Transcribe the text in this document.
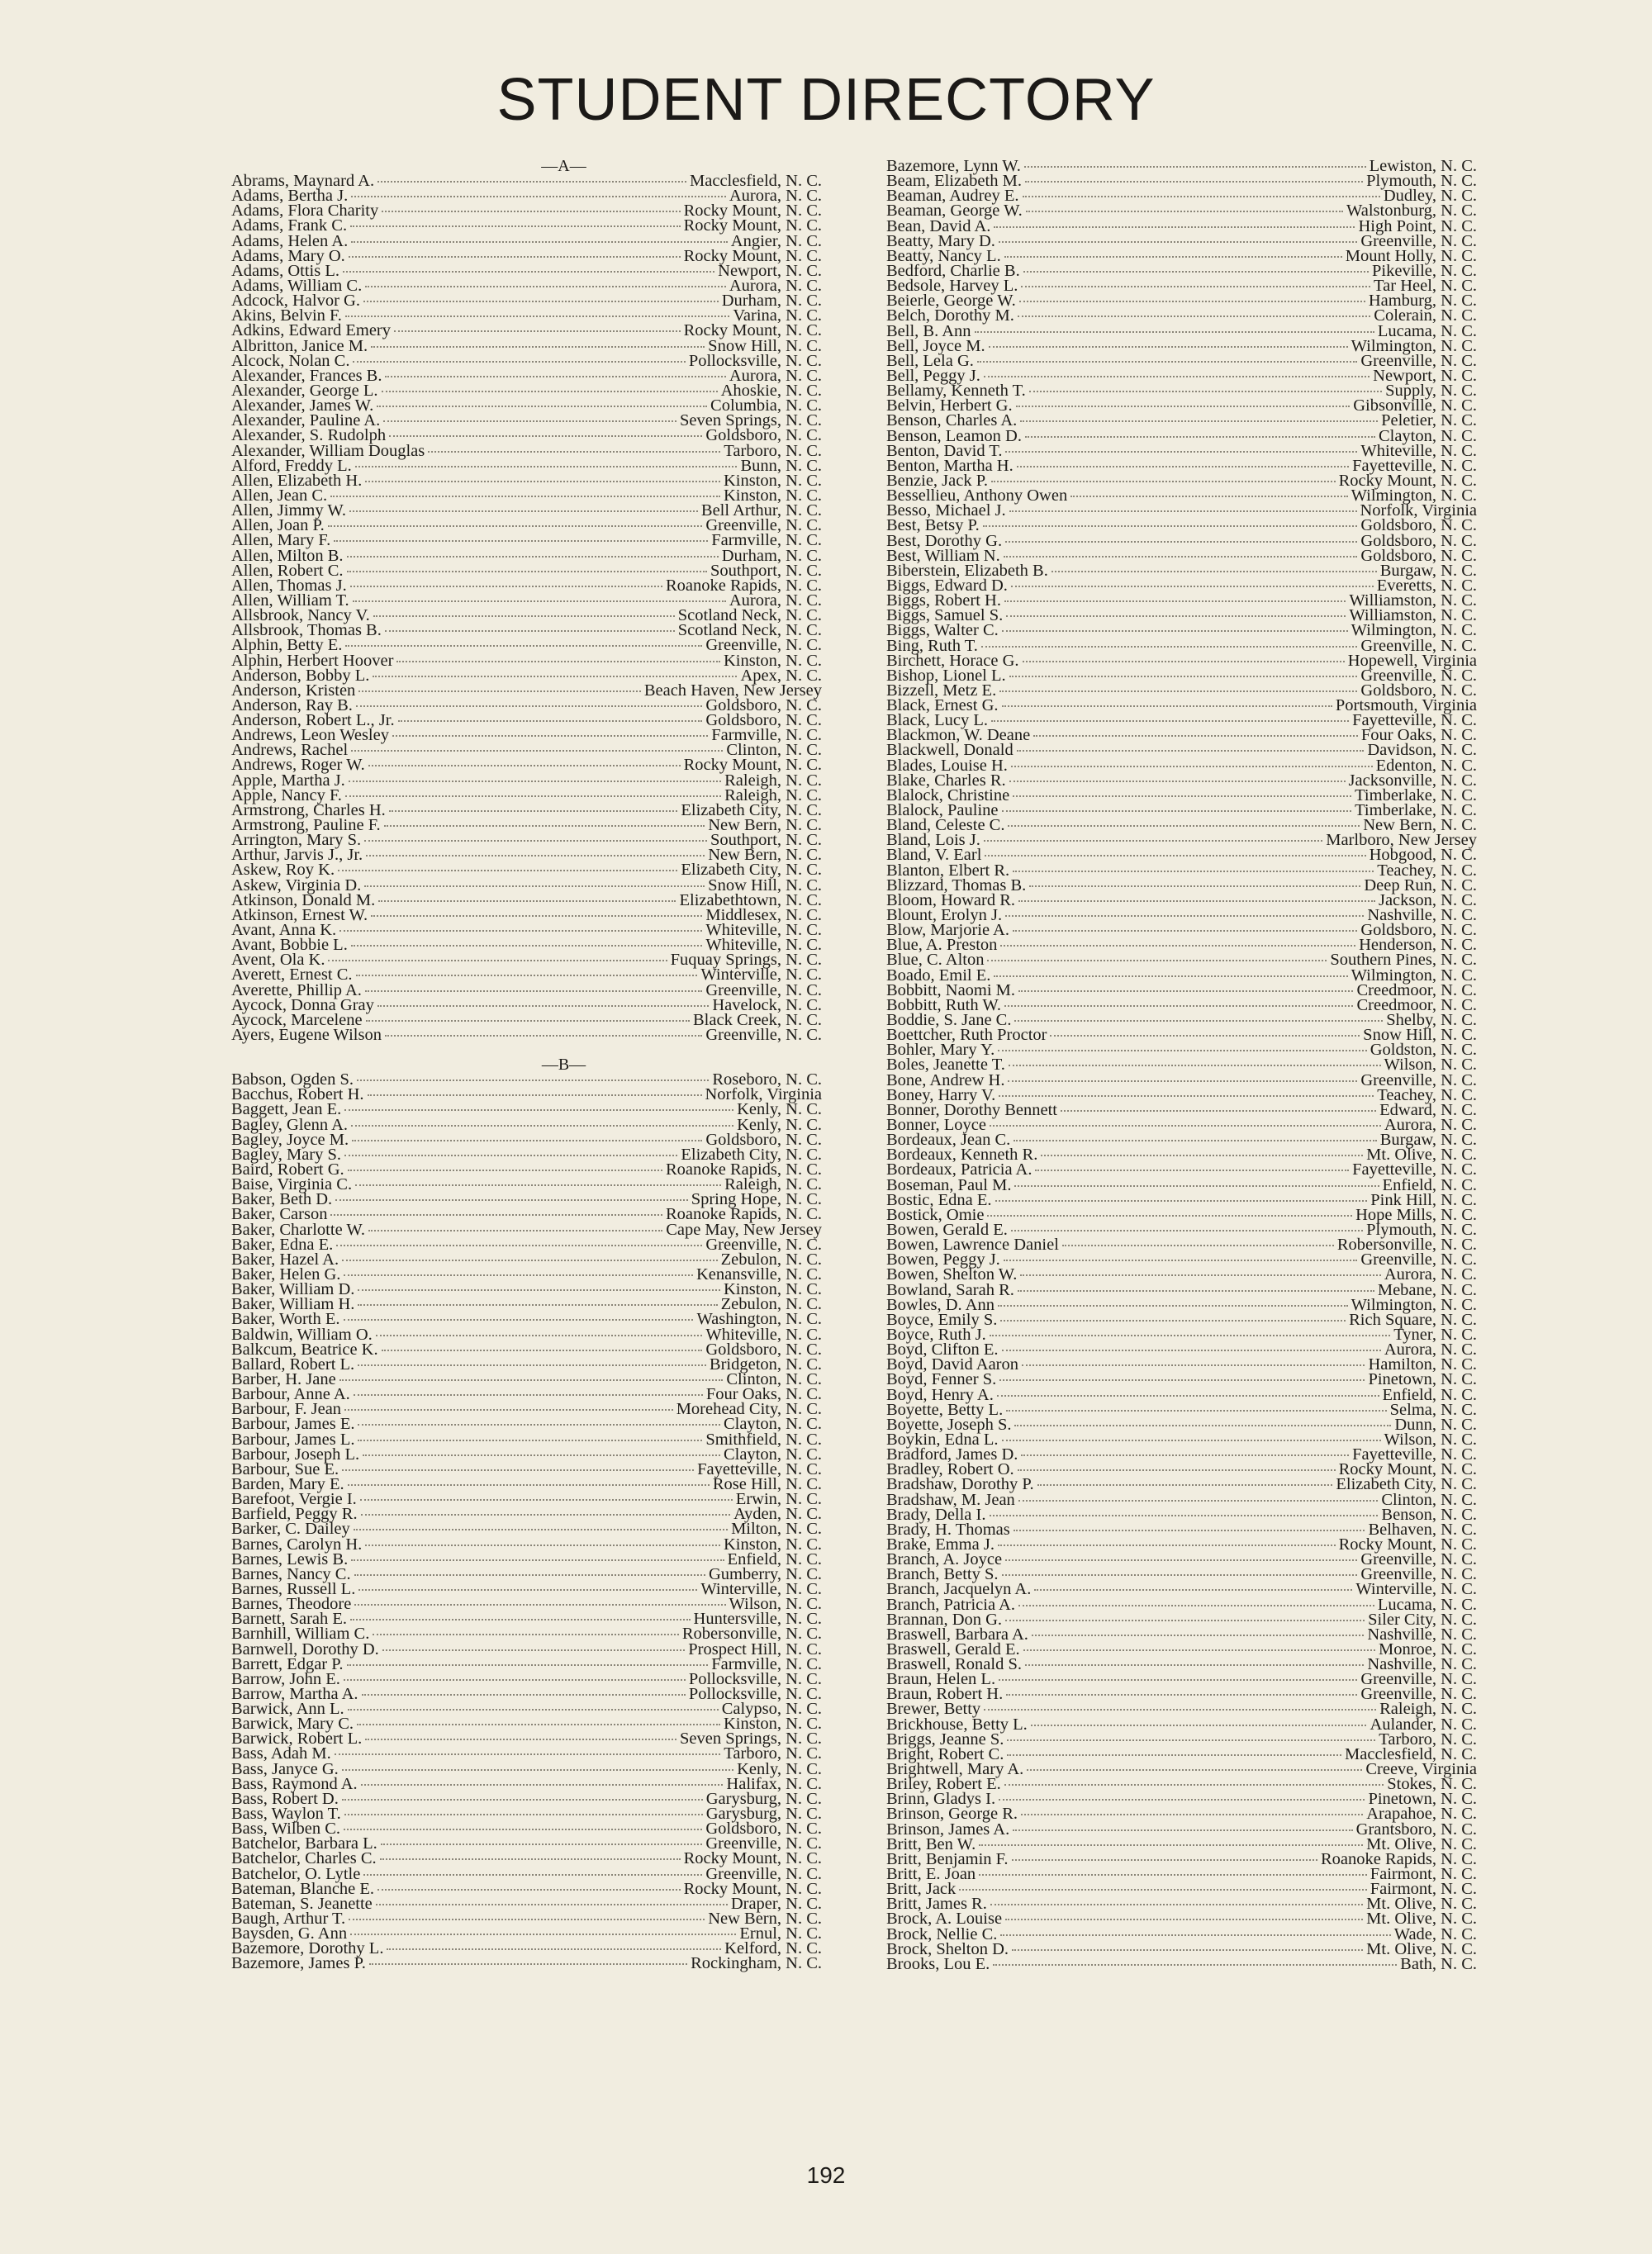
STUDENT DIRECTORY
—A—
Abrams, Maynard A.	Macclesfield, N. C.
Adams, Bertha J.	Aurora, N. C.
Adams, Flora Charity	Rocky Mount, N. C.
Adams, Frank C.	Rocky Mount, N. C.
Adams, Helen A.	Angier, N. C.
Adams, Mary O.	Rocky Mount, N. C.
Adams, Ottis L.	Newport, N. C.
Adams, William C.	Aurora, N. C.
Adcock, Halvor G.	Durham, N. C.
Akins, Belvin F.	Varina, N. C.
Adkins, Edward Emery	Rocky Mount, N. C.
Albritton, Janice M.	Snow Hill, N. C.
Alcock, Nolan C.	Pollocksville, N. C.
Alexander, Frances B.	Aurora, N. C.
Alexander, George L.	Ahoskie, N. C.
Alexander, James W.	Columbia, N. C.
Alexander, Pauline A.	Seven Springs, N. C.
Alexander, S. Rudolph	Goldsboro, N. C.
Alexander, William Douglas	Tarboro, N. C.
Alford, Freddy L.	Bunn, N. C.
Allen, Elizabeth H.	Kinston, N. C.
Allen, Jean C.	Kinston, N. C.
Allen, Jimmy W.	Bell Arthur, N. C.
Allen, Joan P.	Greenville, N. C.
Allen, Mary F.	Farmville, N. C.
Allen, Milton B.	Durham, N. C.
Allen, Robert C.	Southport, N. C.
Allen, Thomas J.	Roanoke Rapids, N. C.
Allen, William T.	Aurora, N. C.
Allsbrook, Nancy V.	Scotland Neck, N. C.
Allsbrook, Thomas B.	Scotland Neck, N. C.
Alphin, Betty E.	Greenville, N. C.
Alphin, Herbert Hoover	Kinston, N. C.
Anderson, Bobby L.	Apex, N. C.
Anderson, Kristen	Beach Haven, New Jersey
Anderson, Ray B.	Goldsboro, N. C.
Anderson, Robert L., Jr.	Goldsboro, N. C.
Andrews, Leon Wesley	Farmville, N. C.
Andrews, Rachel	Clinton, N. C.
Andrews, Roger W.	Rocky Mount, N. C.
Apple, Martha J.	Raleigh, N. C.
Apple, Nancy F.	Raleigh, N. C.
Armstrong, Charles H.	Elizabeth City, N. C.
Armstrong, Pauline F.	New Bern, N. C.
Arrington, Mary S.	Southport, N. C.
Arthur, Jarvis J., Jr.	New Bern, N. C.
Askew, Roy K.	Elizabeth City, N. C.
Askew, Virginia D.	Snow Hill, N. C.
Atkinson, Donald M.	Elizabethtown, N. C.
Atkinson, Ernest W.	Middlesex, N. C.
Avant, Anna K.	Whiteville, N. C.
Avant, Bobbie L.	Whiteville, N. C.
Avent, Ola K.	Fuquay Springs, N. C.
Averett, Ernest C.	Winterville, N. C.
Averette, Phillip A.	Greenville, N. C.
Aycock, Donna Gray	Havelock, N. C.
Aycock, Marcelene	Black Creek, N. C.
Ayers, Eugene Wilson	Greenville, N. C.
—B—
Babson, Ogden S.	Roseboro, N. C.
Bacchus, Robert H.	Norfolk, Virginia
Baggett, Jean E.	Kenly, N. C.
Bagley, Glenn A.	Kenly, N. C.
Bagley, Joyce M.	Goldsboro, N. C.
Bagley, Mary S.	Elizabeth City, N. C.
Baird, Robert G.	Roanoke Rapids, N. C.
Baise, Virginia C.	Raleigh, N. C.
Baker, Beth D.	Spring Hope, N. C.
Baker, Carson	Roanoke Rapids, N. C.
Baker, Charlotte W.	Cape May, New Jersey
Baker, Edna E.	Greenville, N. C.
Baker, Hazel A.	Zebulon, N. C.
Baker, Helen G.	Kenansville, N. C.
Baker, William D.	Kinston, N. C.
Baker, William H.	Zebulon, N. C.
Baker, Worth E.	Washington, N. C.
Baldwin, William O.	Whiteville, N. C.
Balkcum, Beatrice K.	Goldsboro, N. C.
Ballard, Robert L.	Bridgeton, N. C.
Barber, H. Jane	Clinton, N. C.
Barbour, Anne A.	Four Oaks, N. C.
Barbour, F. Jean	Morehead City, N. C.
Barbour, James E.	Clayton, N. C.
Barbour, James L.	Smithfield, N. C.
Barbour, Joseph L.	Clayton, N. C.
Barbour, Sue E.	Fayetteville, N. C.
Barden, Mary E.	Rose Hill, N. C.
Barefoot, Vergie I.	Erwin, N. C.
Barfield, Peggy R.	Ayden, N. C.
Barker, C. Dailey	Milton, N. C.
Barnes, Carolyn H.	Kinston, N. C.
Barnes, Lewis B.	Enfield, N. C.
Barnes, Nancy C.	Gumberry, N. C.
Barnes, Russell L.	Winterville, N. C.
Barnes, Theodore	Wilson, N. C.
Barnett, Sarah E.	Huntersville, N. C.
Barnhill, William C.	Robersonville, N. C.
Barnwell, Dorothy D.	Prospect Hill, N. C.
Barrett, Edgar P.	Farmville, N. C.
Barrow, John E.	Pollocksville, N. C.
Barrow, Martha A.	Pollocksville, N. C.
Barwick, Ann L.	Calypso, N. C.
Barwick, Mary C.	Kinston, N. C.
Barwick, Robert L.	Seven Springs, N. C.
Bass, Adah M.	Tarboro, N. C.
Bass, Janyce G.	Kenly, N. C.
Bass, Raymond A.	Halifax, N. C.
Bass, Robert D.	Garysburg, N. C.
Bass, Waylon T.	Garysburg, N. C.
Bass, Wilben C.	Goldsboro, N. C.
Batchelor, Barbara L.	Greenville, N. C.
Batchelor, Charles C.	Rocky Mount, N. C.
Batchelor, O. Lytle	Greenville, N. C.
Bateman, Blanche E.	Rocky Mount, N. C.
Bateman, S. Jeanette	Draper, N. C.
Baugh, Arthur T.	New Bern, N. C.
Baysden, G. Ann	Ernul, N. C.
Bazemore, Dorothy L.	Kelford, N. C.
Bazemore, James P.	Rockingham, N. C.
Bazemore, Lynn W.	Lewiston, N. C.
Beam, Elizabeth M.	Plymouth, N. C.
Beaman, Audrey E.	Dudley, N. C.
Beaman, George W.	Walstonburg, N. C.
Bean, David A.	High Point, N. C.
Beatty, Mary D.	Greenville, N. C.
Beatty, Nancy L.	Mount Holly, N. C.
Bedford, Charlie B.	Pikeville, N. C.
Bedsole, Harvey L.	Tar Heel, N. C.
Beierle, George W.	Hamburg, N. C.
Belch, Dorothy M.	Colerain, N. C.
Bell, B. Ann	Lucama, N. C.
Bell, Joyce M.	Wilmington, N. C.
Bell, Lela G.	Greenville, N. C.
Bell, Peggy J.	Newport, N. C.
Bellamy, Kenneth T.	Supply, N. C.
Belvin, Herbert G.	Gibsonville, N. C.
Benson, Charles A.	Peletier, N. C.
Benson, Leamon D.	Clayton, N. C.
Benton, David T.	Whiteville, N. C.
Benton, Martha H.	Fayetteville, N. C.
Benzie, Jack P.	Rocky Mount, N. C.
Bessellieu, Anthony Owen	Wilmington, N. C.
Besso, Michael J.	Norfolk, Virginia
Best, Betsy P.	Goldsboro, N. C.
Best, Dorothy G.	Goldsboro, N. C.
Best, William N.	Goldsboro, N. C.
Biberstein, Elizabeth B.	Burgaw, N. C.
Biggs, Edward D.	Everetts, N. C.
Biggs, Robert H.	Williamston, N. C.
Biggs, Samuel S.	Williamston, N. C.
Biggs, Walter C.	Wilmington, N. C.
Bing, Ruth T.	Greenville, N. C.
Birchett, Horace G.	Hopewell, Virginia
Bishop, Lionel L.	Greenville, N. C.
Bizzell, Metz E.	Goldsboro, N. C.
Black, Ernest G.	Portsmouth, Virginia
Black, Lucy L.	Fayetteville, N. C.
Blackmon, W. Deane	Four Oaks, N. C.
Blackwell, Donald	Davidson, N. C.
Blades, Louise H.	Edenton, N. C.
Blake, Charles R.	Jacksonville, N. C.
Blalock, Christine	Timberlake, N. C.
Blalock, Pauline	Timberlake, N. C.
Bland, Celeste C.	New Bern, N. C.
Bland, Lois J.	Marlboro, New Jersey
Bland, V. Earl	Hobgood, N. C.
Blanton, Elbert R.	Teachey, N. C.
Blizzard, Thomas B.	Deep Run, N. C.
Bloom, Howard R.	Jackson, N. C.
Blount, Erolyn J.	Nashville, N. C.
Blow, Marjorie A.	Goldsboro, N. C.
Blue, A. Preston	Henderson, N. C.
Blue, C. Alton	Southern Pines, N. C.
Boado, Emil E.	Wilmington, N. C.
Bobbitt, Naomi M.	Creedmoor, N. C.
Bobbitt, Ruth W.	Creedmoor, N. C.
Boddie, S. Jane C.	Shelby, N. C.
Boettcher, Ruth Proctor	Snow Hill, N. C.
Bohler, Mary Y.	Goldston, N. C.
Boles, Jeanette T.	Wilson, N. C.
Bone, Andrew H.	Greenville, N. C.
Boney, Harry V.	Teachey, N. C.
Bonner, Dorothy Bennett	Edward, N. C.
Bonner, Loyce	Aurora, N. C.
Bordeaux, Jean C.	Burgaw, N. C.
Bordeaux, Kenneth R.	Mt. Olive, N. C.
Bordeaux, Patricia A.	Fayetteville, N. C.
Boseman, Paul M.	Enfield, N. C.
Bostic, Edna E.	Pink Hill, N. C.
Bostick, Omie	Hope Mills, N. C.
Bowen, Gerald E.	Plymouth, N. C.
Bowen, Lawrence Daniel	Robersonville, N. C.
Bowen, Peggy J.	Greenville, N. C.
Bowen, Shelton W.	Aurora, N. C.
Bowland, Sarah R.	Mebane, N. C.
Bowles, D. Ann	Wilmington, N. C.
Boyce, Emily S.	Rich Square, N. C.
Boyce, Ruth J.	Tyner, N. C.
Boyd, Clifton E.	Aurora, N. C.
Boyd, David Aaron	Hamilton, N. C.
Boyd, Fenner S.	Pinetown, N. C.
Boyd, Henry A.	Enfield, N. C.
Boyette, Betty L.	Selma, N. C.
Boyette, Joseph S.	Dunn, N. C.
Boykin, Edna L.	Wilson, N. C.
Bradford, James D.	Fayetteville, N. C.
Bradley, Robert O.	Rocky Mount, N. C.
Bradshaw, Dorothy P.	Elizabeth City, N. C.
Bradshaw, M. Jean	Clinton, N. C.
Brady, Della I.	Benson, N. C.
Brady, H. Thomas	Belhaven, N. C.
Brake, Emma J.	Rocky Mount, N. C.
Branch, A. Joyce	Greenville, N. C.
Branch, Betty S.	Greenville, N. C.
Branch, Jacquelyn A.	Winterville, N. C.
Branch, Patricia A.	Lucama, N. C.
Brannan, Don G.	Siler City, N. C.
Braswell, Barbara A.	Nashville, N. C.
Braswell, Gerald E.	Monroe, N. C.
Braswell, Ronald S.	Nashville, N. C.
Braun, Helen L.	Greenville, N. C.
Braun, Robert H.	Greenville, N. C.
Brewer, Betty	Raleigh, N. C.
Brickhouse, Betty L.	Aulander, N. C.
Briggs, Jeanne S.	Tarboro, N. C.
Bright, Robert C.	Macclesfield, N. C.
Brightwell, Mary A.	Creeve, Virginia
Briley, Robert E.	Stokes, N. C.
Brinn, Gladys I.	Pinetown, N. C.
Brinson, George R.	Arapahoe, N. C.
Brinson, James A.	Grantsboro, N. C.
Britt, Ben W.	Mt. Olive, N. C.
Britt, Benjamin F.	Roanoke Rapids, N. C.
Britt, E. Joan	Fairmont, N. C.
Britt, Jack	Fairmont, N. C.
Britt, James R.	Mt. Olive, N. C.
Brock, A. Louise	Mt. Olive, N. C.
Brock, Nellie C.	Wade, N. C.
Brock, Shelton D.	Mt. Olive, N. C.
Brooks, Lou E.	Bath, N. C.
192
